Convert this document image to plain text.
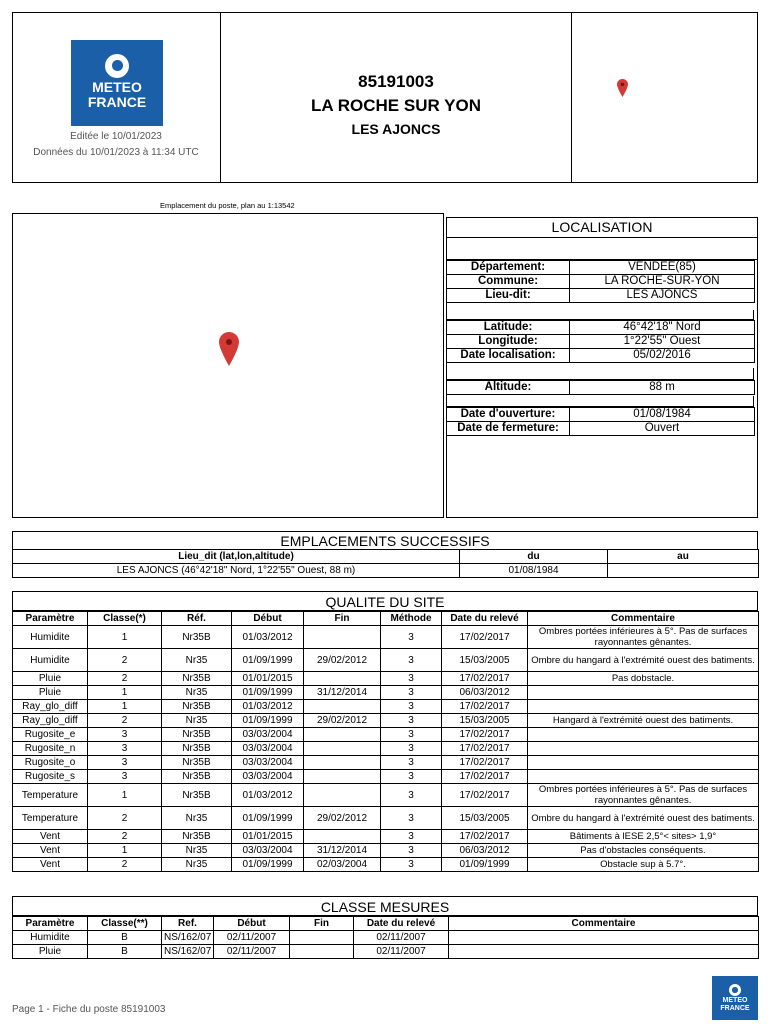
METEO
FRANCE
Editée le 10/01/2023
Données du 10/01/2023 à 11:34 UTC
85191003
LA ROCHE SUR YON
LES AJONCS
Emplacement du poste, plan au 1:13542
LOCALISATION
Département:	VENDEE(85)
Commune:	LA ROCHE-SUR-YON
Lieu-dit:	LES AJONCS
Latitude:	46°42'18" Nord
Longitude:	1°22'55" Ouest
Date localisation:	05/02/2016
Altitude:	88 m
Date d'ouverture:	01/08/1984
Date de fermeture:	Ouvert
EMPLACEMENTS SUCCESSIFS
Lieu_dit (lat,lon,altitude)	du	au
LES AJONCS (46°42'18" Nord, 1°22'55" Ouest, 88 m)	01/08/1984	
QUALITE DU SITE
Paramètre	Classe(*)	Réf.	Début	Fin	Méthode	Date du relevé	Commentaire
Humidite	1	Nr35B	01/03/2012		3	17/02/2017	Ombres portées inférieures à 5°. Pas de surfaces rayonnantes gênantes.
Humidite	2	Nr35	01/09/1999	29/02/2012	3	15/03/2005	Ombre du hangard à l'extrémité ouest des batiments.
Pluie	2	Nr35B	01/01/2015		3	17/02/2017	Pas dobstacle.
Pluie	1	Nr35	01/09/1999	31/12/2014	3	06/03/2012	
Ray_glo_diff	1	Nr35B	01/03/2012		3	17/02/2017	
Ray_glo_diff	2	Nr35	01/09/1999	29/02/2012	3	15/03/2005	Hangard à l'extrémité ouest des batiments.
Rugosite_e	3	Nr35B	03/03/2004		3	17/02/2017	
Rugosite_n	3	Nr35B	03/03/2004		3	17/02/2017	
Rugosite_o	3	Nr35B	03/03/2004		3	17/02/2017	
Rugosite_s	3	Nr35B	03/03/2004		3	17/02/2017	
Temperature	1	Nr35B	01/03/2012		3	17/02/2017	Ombres portées inférieures à 5°. Pas de surfaces rayonnantes gênantes.
Temperature	2	Nr35	01/09/1999	29/02/2012	3	15/03/2005	Ombre du hangard à l'extrémité ouest des batiments.
Vent	2	Nr35B	01/01/2015		3	17/02/2017	Bâtiments à lESE 2,5°< sites> 1,9°
Vent	1	Nr35	03/03/2004	31/12/2014	3	06/03/2012	Pas d'obstacles conséquents.
Vent	2	Nr35	01/09/1999	02/03/2004	3	01/09/1999	Obstacle sup à 5.7°.
CLASSE MESURES
Paramètre	Classe(**)	Ref.	Début	Fin	Date du relevé	Commentaire
Humidite	B	NS/162/07	02/11/2007		02/11/2007	
Pluie	B	NS/162/07	02/11/2007		02/11/2007	
Page 1 - Fiche du poste 85191003
METEO
FRANCE
